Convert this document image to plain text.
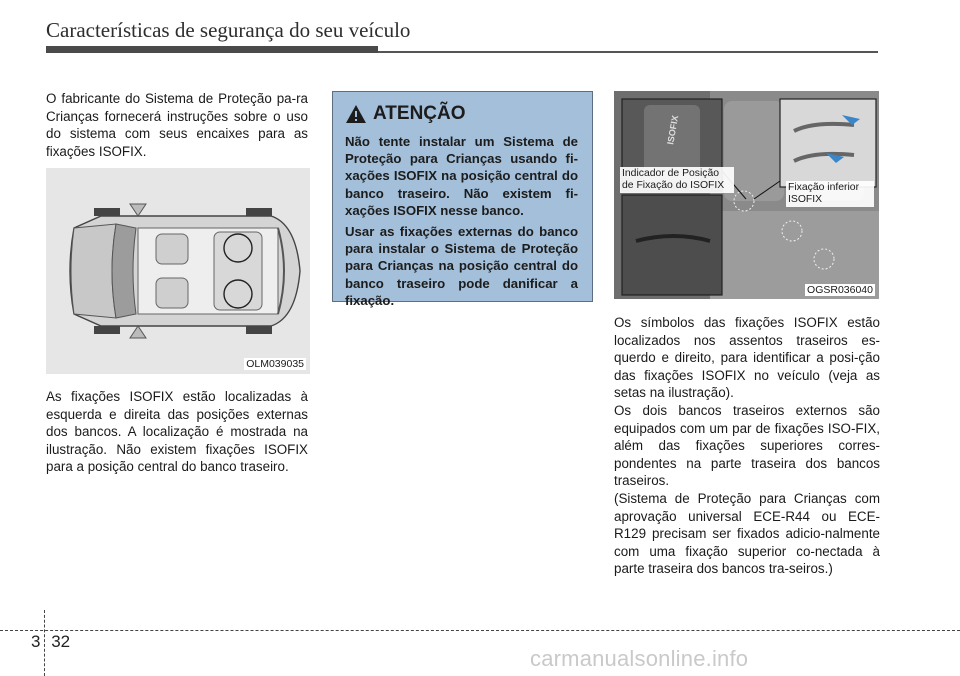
Características de segurança do seu veículo

O fabricante do Sistema de Proteção pa-ra Crianças fornecerá instruções sobre o uso do sistema com seus encaixes para as fixações ISOFIX.

OLM039035

As fixações ISOFIX estão localizadas à esquerda e direita das posições externas dos bancos. A localização é mostrada na ilustração. Não existem fixações ISOFIX para a posição central do banco traseiro.

ATENÇÃO

Não tente instalar um Sistema de Proteção para Crianças usando fi-xações ISOFIX na posição central do banco traseiro. Não existem fi-xações ISOFIX nesse banco.

Usar as fixações externas do banco para instalar o Sistema de Proteção para Crianças na posição central do banco traseiro pode danificar a fixação.

Indicador de Posição de Fixação do ISOFIX	Fixação inferior ISOFIX
ISOFIX
OGSR036040

Os símbolos das fixações ISOFIX estão localizados nos assentos traseiros es-querdo e direito, para identificar a posi-ção das fixações ISOFIX no veículo (veja as setas na ilustração).

Os dois bancos traseiros externos são equipados com um par de fixações ISO-FIX, além das fixações superiores corres-pondentes na parte traseira dos bancos traseiros.

(Sistema de Proteção para Crianças com aprovação universal ECE-R44 ou ECE-R129 precisam ser fixados adicio-nalmente com uma fixação superior co-nectada à parte traseira dos bancos tra-seiros.)

3 32
carmanualsonline.info
